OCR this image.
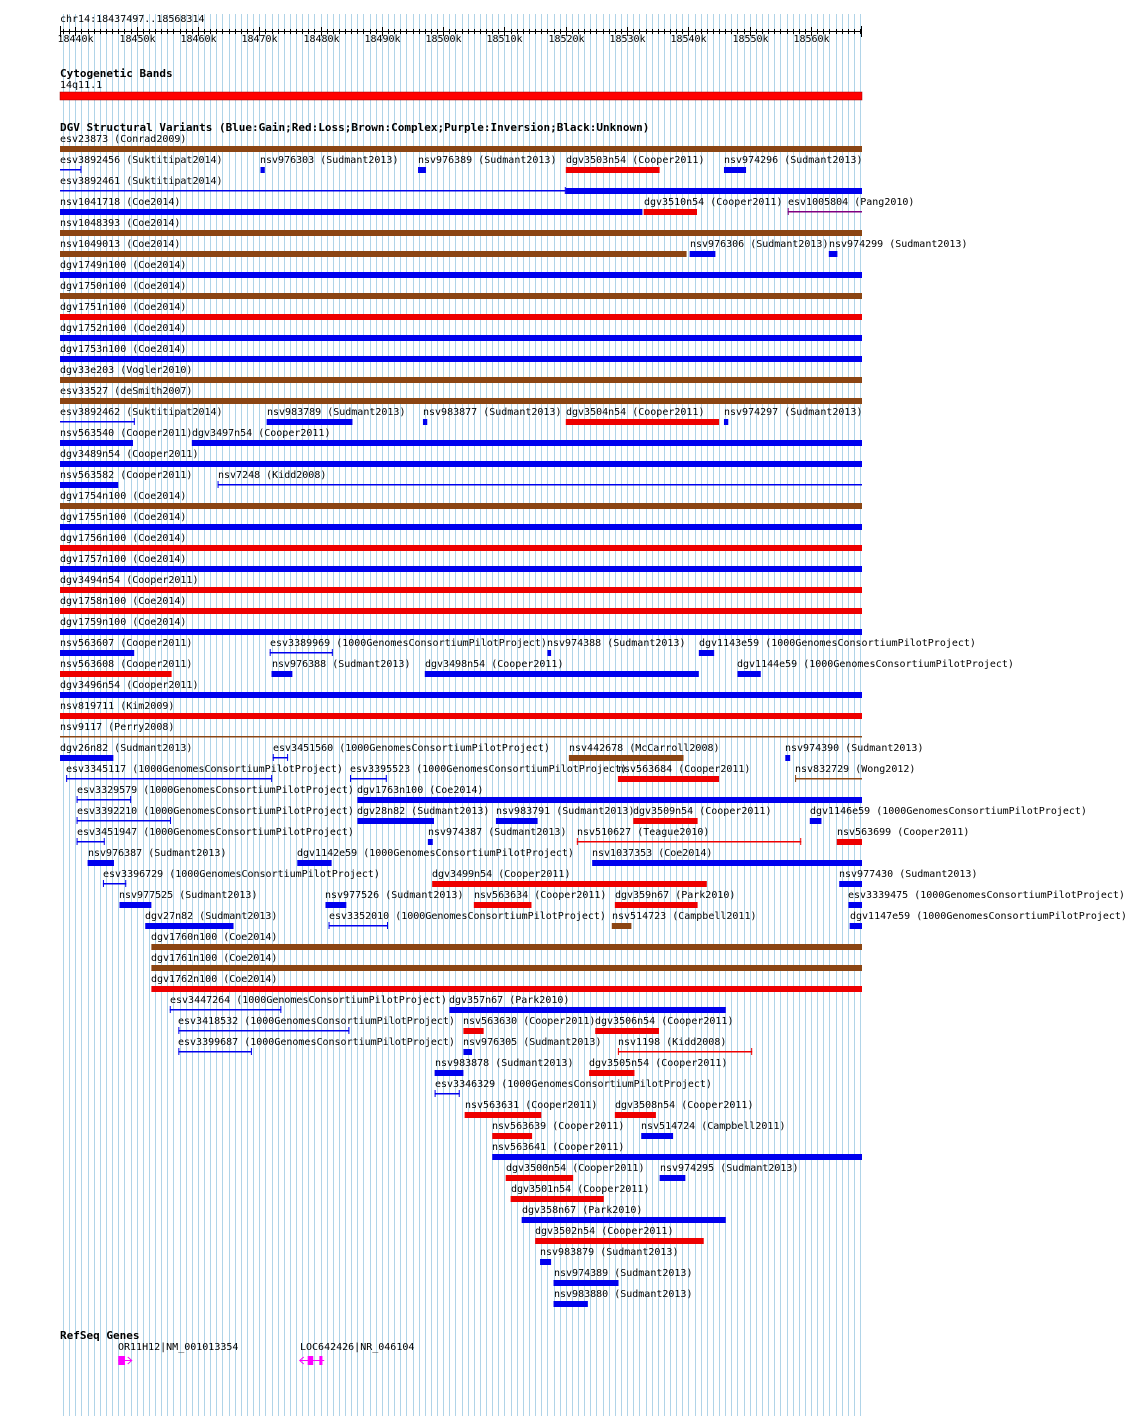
chr14:18437497..18568314
18440k	18450k 18460k 18470k	18480k 18490k 18500k 18510k	18520k 18530k 18540k	18550k 18560k
Cytogenetic Bands
14q11.1
DGV Structural Variants (Blue:Gain;Red:Loss;Brown:Complex;Purple:Inversion;Black:Unknown)
esv23873 (Conrad2009)
esv3892456 (Suktitipat2014)	nsv976303 (Sudmant2013) nsv976389 (Sudmant2013) dgv3503n54 (Cooper2011) nsv974296 (Sudmant2013)
esv3892461 (Suktitipat2014)
nsv1041718 (Coe2014)	dgv3510n54 (Cooper2011) esv1005804 (Pang2010)
nsv1048393 (Coe2014)
nsv1049013 (Coe2014)	nsv976306 (Sudmant2013) nsv974299 (Sudmant2013)
dgv1749n100 (Coe2014)
dgv1750n100 (Coe2014)
dgv1751n100 (Coe2014)
dgv1752n100 (Coe2014)
dgv1753n100 (Coe2014)
dgv33e203 (Vogler2010)
esv33527 (deSmith2007)
esv3892462 (Suktitipat2014)	nsv983789 (Sudmant2013) nsv983877 (Sudmant2013) dgv3504n54 (Cooper2011) nsv974297 (Sudmant2013)
nsv563540 (Cooper2011) dgv3497n54 (Cooper2011)
dgv3489n54 (Cooper2011)
nsv563582 (Cooper2011)	nsv7248 (Kidd2008)
dgv1754n100 (Coe2014)
dgv1755n100 (Coe2014)
dgv1756n100 (Coe2014)
dgv1757n100 (Coe2014)
dgv3494n54 (Cooper2011)
dgv1758n100 (Coe2014)
dgv1759n100 (Coe2014)
nsv563607 (Cooper2011)	esv3389969 (1000GenomesConsortiumPilotProject) nsv974388 (Sudmant2013) dgv1143e59 (1000GenomesConsortiumPilotProject)
nsv563608 (Cooper2011)	nsv976388 (Sudmant2013) dgv3498n54 (Cooper2011)	dgv1144e59 (1000GenomesConsortiumPilotProject)
dgv3496n54 (Cooper2011)
nsv819711 (Kim2009)
nsv9117 (Perry2008)
dgv26n82 (Sudmant2013)	esv3451560 (1000GenomesConsortiumPilotProject) nsv442678 (McCarroll2008)	nsv974390 (Sudmant2013)
esv3345117 (1000GenomesConsortiumPilotProject) esv3395523 (1000GenomesConsortiumPilotProject)
nsv563684 (Cooper2011)	nsv832729 (Wong2012)
esv3329579 (1000GenomesConsortiumPilotProject) dgv1763n100 (Coe2014)
esv3392210 (1000GenomesConsortiumPilotProject) dgv28n82 (Sudmant2013) nsv983791 (Sudmant2013)
dgv3509n54 (Cooper2011)	dgv1146e59 (1000GenomesConsortiumPilotProject)
esv3451947 (1000GenomesConsortiumPilotProject)	nsv974387 (Sudmant2013) nsv510627 (Teague2010)	nsv563699 (Cooper2011)
nsv976387 (Sudmant2013)	dgv1142e59 (1000GenomesConsortiumPilotProject) nsv1037353 (Coe2014)
esv3396729 (1000GenomesConsortiumPilotProject)	dgv3499n54 (Cooper2011)	nsv977430 (Sudmant2013)
nsv977525 (Sudmant2013)	nsv977526 (Sudmant2013) nsv563634 (Cooper2011) dgv359n67 (Park2010)	esv3339475 (1000GenomesConsortiumPilotProject)
dgv27n82 (Sudmant2013)	esv3352010 (1000GenomesConsortiumPilotProject) nsv514723 (Campbell2011)	dgv1147e59 (1000GenomesConsortiumPilotProject)
dgv1760n100 (Coe2014)
dgv1761n100 (Coe2014)
dgv1762n100 (Coe2014)
esv3447264 (1000GenomesConsortiumPilotProject) dgv357n67 (Park2010)
esv3418532 (1000GenomesConsortiumPilotProject) nsv563630 (Cooper2011) dgv3506n54 (Cooper2011)
esv3399687 (1000GenomesConsortiumPilotProject) nsv976305 (Sudmant2013) nsv1198 (Kidd2008)
nsv983878 (Sudmant2013) dgv3505n54 (Cooper2011)
esv3346329 (1000GenomesConsortiumPilotProject)
nsv563631 (Cooper2011) dgv3508n54 (Cooper2011)
nsv563639 (Cooper2011) nsv514724 (Campbell2011)
nsv563641 (Cooper2011)
dgv3500n54 (Cooper2011) nsv974295 (Sudmant2013)
dgv3501n54 (Cooper2011)
dgv358n67 (Park2010)
dgv3502n54 (Cooper2011)
nsv983879 (Sudmant2013)
nsv974389 (Sudmant2013)
nsv983880 (Sudmant2013)
RefSeq Genes
OR11H12|NM_001013354	LOC642426|NR_046104
